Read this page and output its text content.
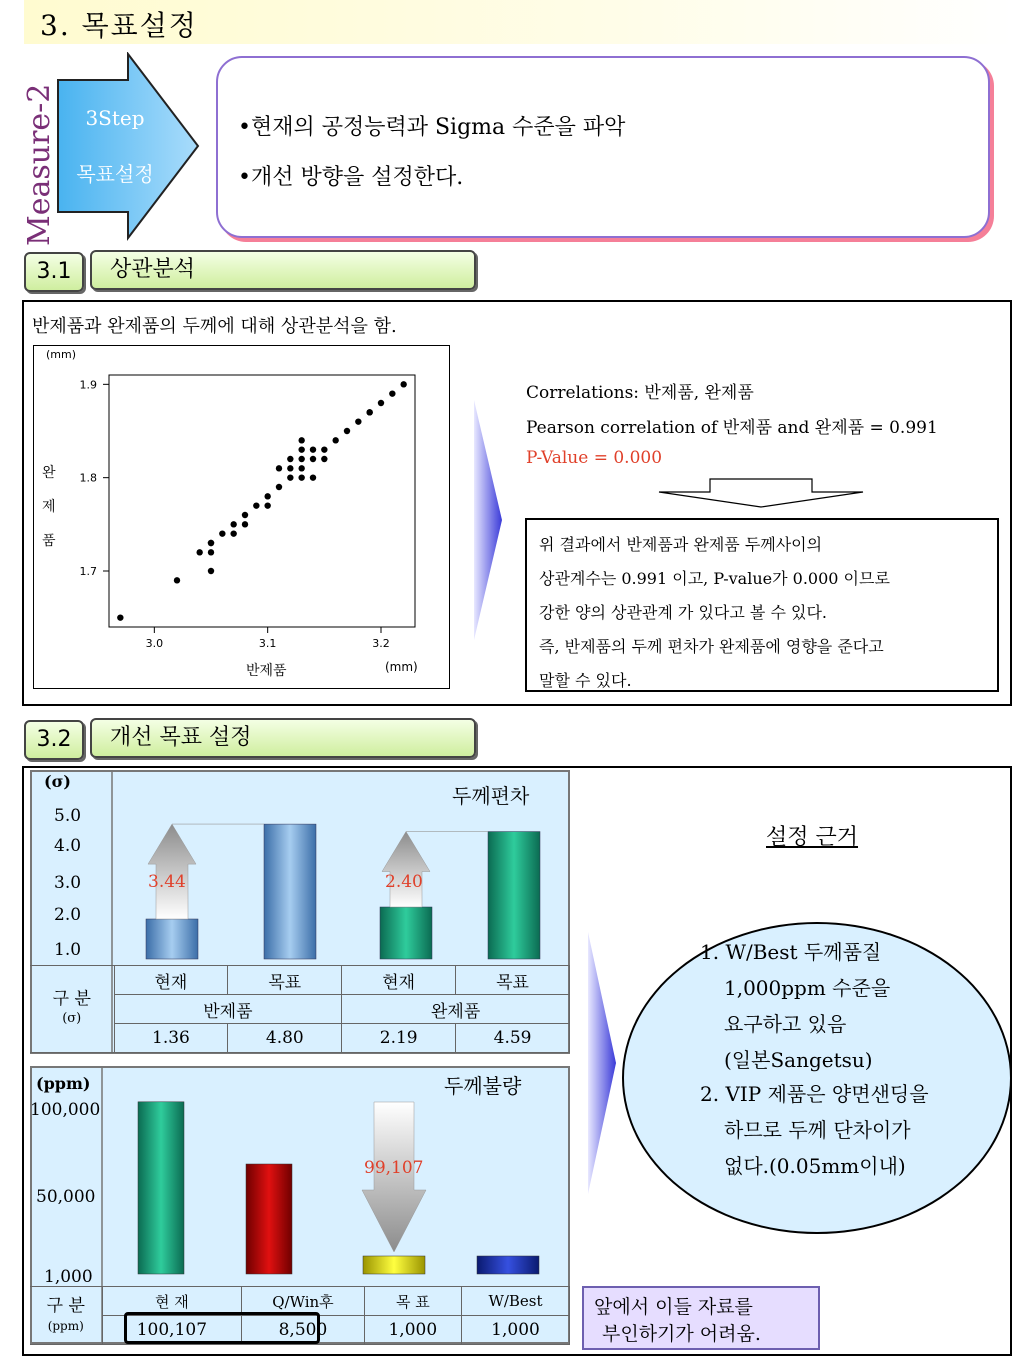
3. 목표설정
Measure-2	3Step
목표설정
•현재의 공정능력과 Sigma 수준을 파악
•개선 방향을 설정한다.
3.1	상관분석
반제품과 완제품의 두께에 대해 상관분석을 함.
3.0	3.1	3.2
1.9
1.8
1.7
(mm)
완
제
품
반제품	(mm)
Correlations: 반제품, 완제품
Pearson correlation of 반제품 and 완제품 = 0.991
P-Value = 0.000
위 결과에서 반제품과 완제품 두께사이의
상관계수는 0.991 이고, P-value가 0.000 이므로
강한 양의 상관관계 가 있다고 볼 수 있다.
즉, 반제품의 두께 편차가 완제품에 영향을 준다고
말할 수 있다.
3.2	개선 목표 설정
(σ)
두께편차
5.0
4.0
3.0
2.0
1.0
3.44	2.40
구 분
(σ)	현재	목표	현재	목표
	반제품		완제품	
	1.36	4.80	2.19	4.59
(ppm)	두께불량
100,000
50,000
1,000
99,107
구 분
(ppm)	현 재	Q/Win후	목 표	W/Best
	100,107	8,500	1,000	1,000
설정 근거
1. W/Best 두께품질
1,000ppm 수준을
요구하고 있음
(일본Sangetsu)
2. VIP 제품은 양면샌딩을
하므로 두께 단차이가
없다.(0.05mm이내)
앞에서 이들 자료를
부인하기가 어려움.
